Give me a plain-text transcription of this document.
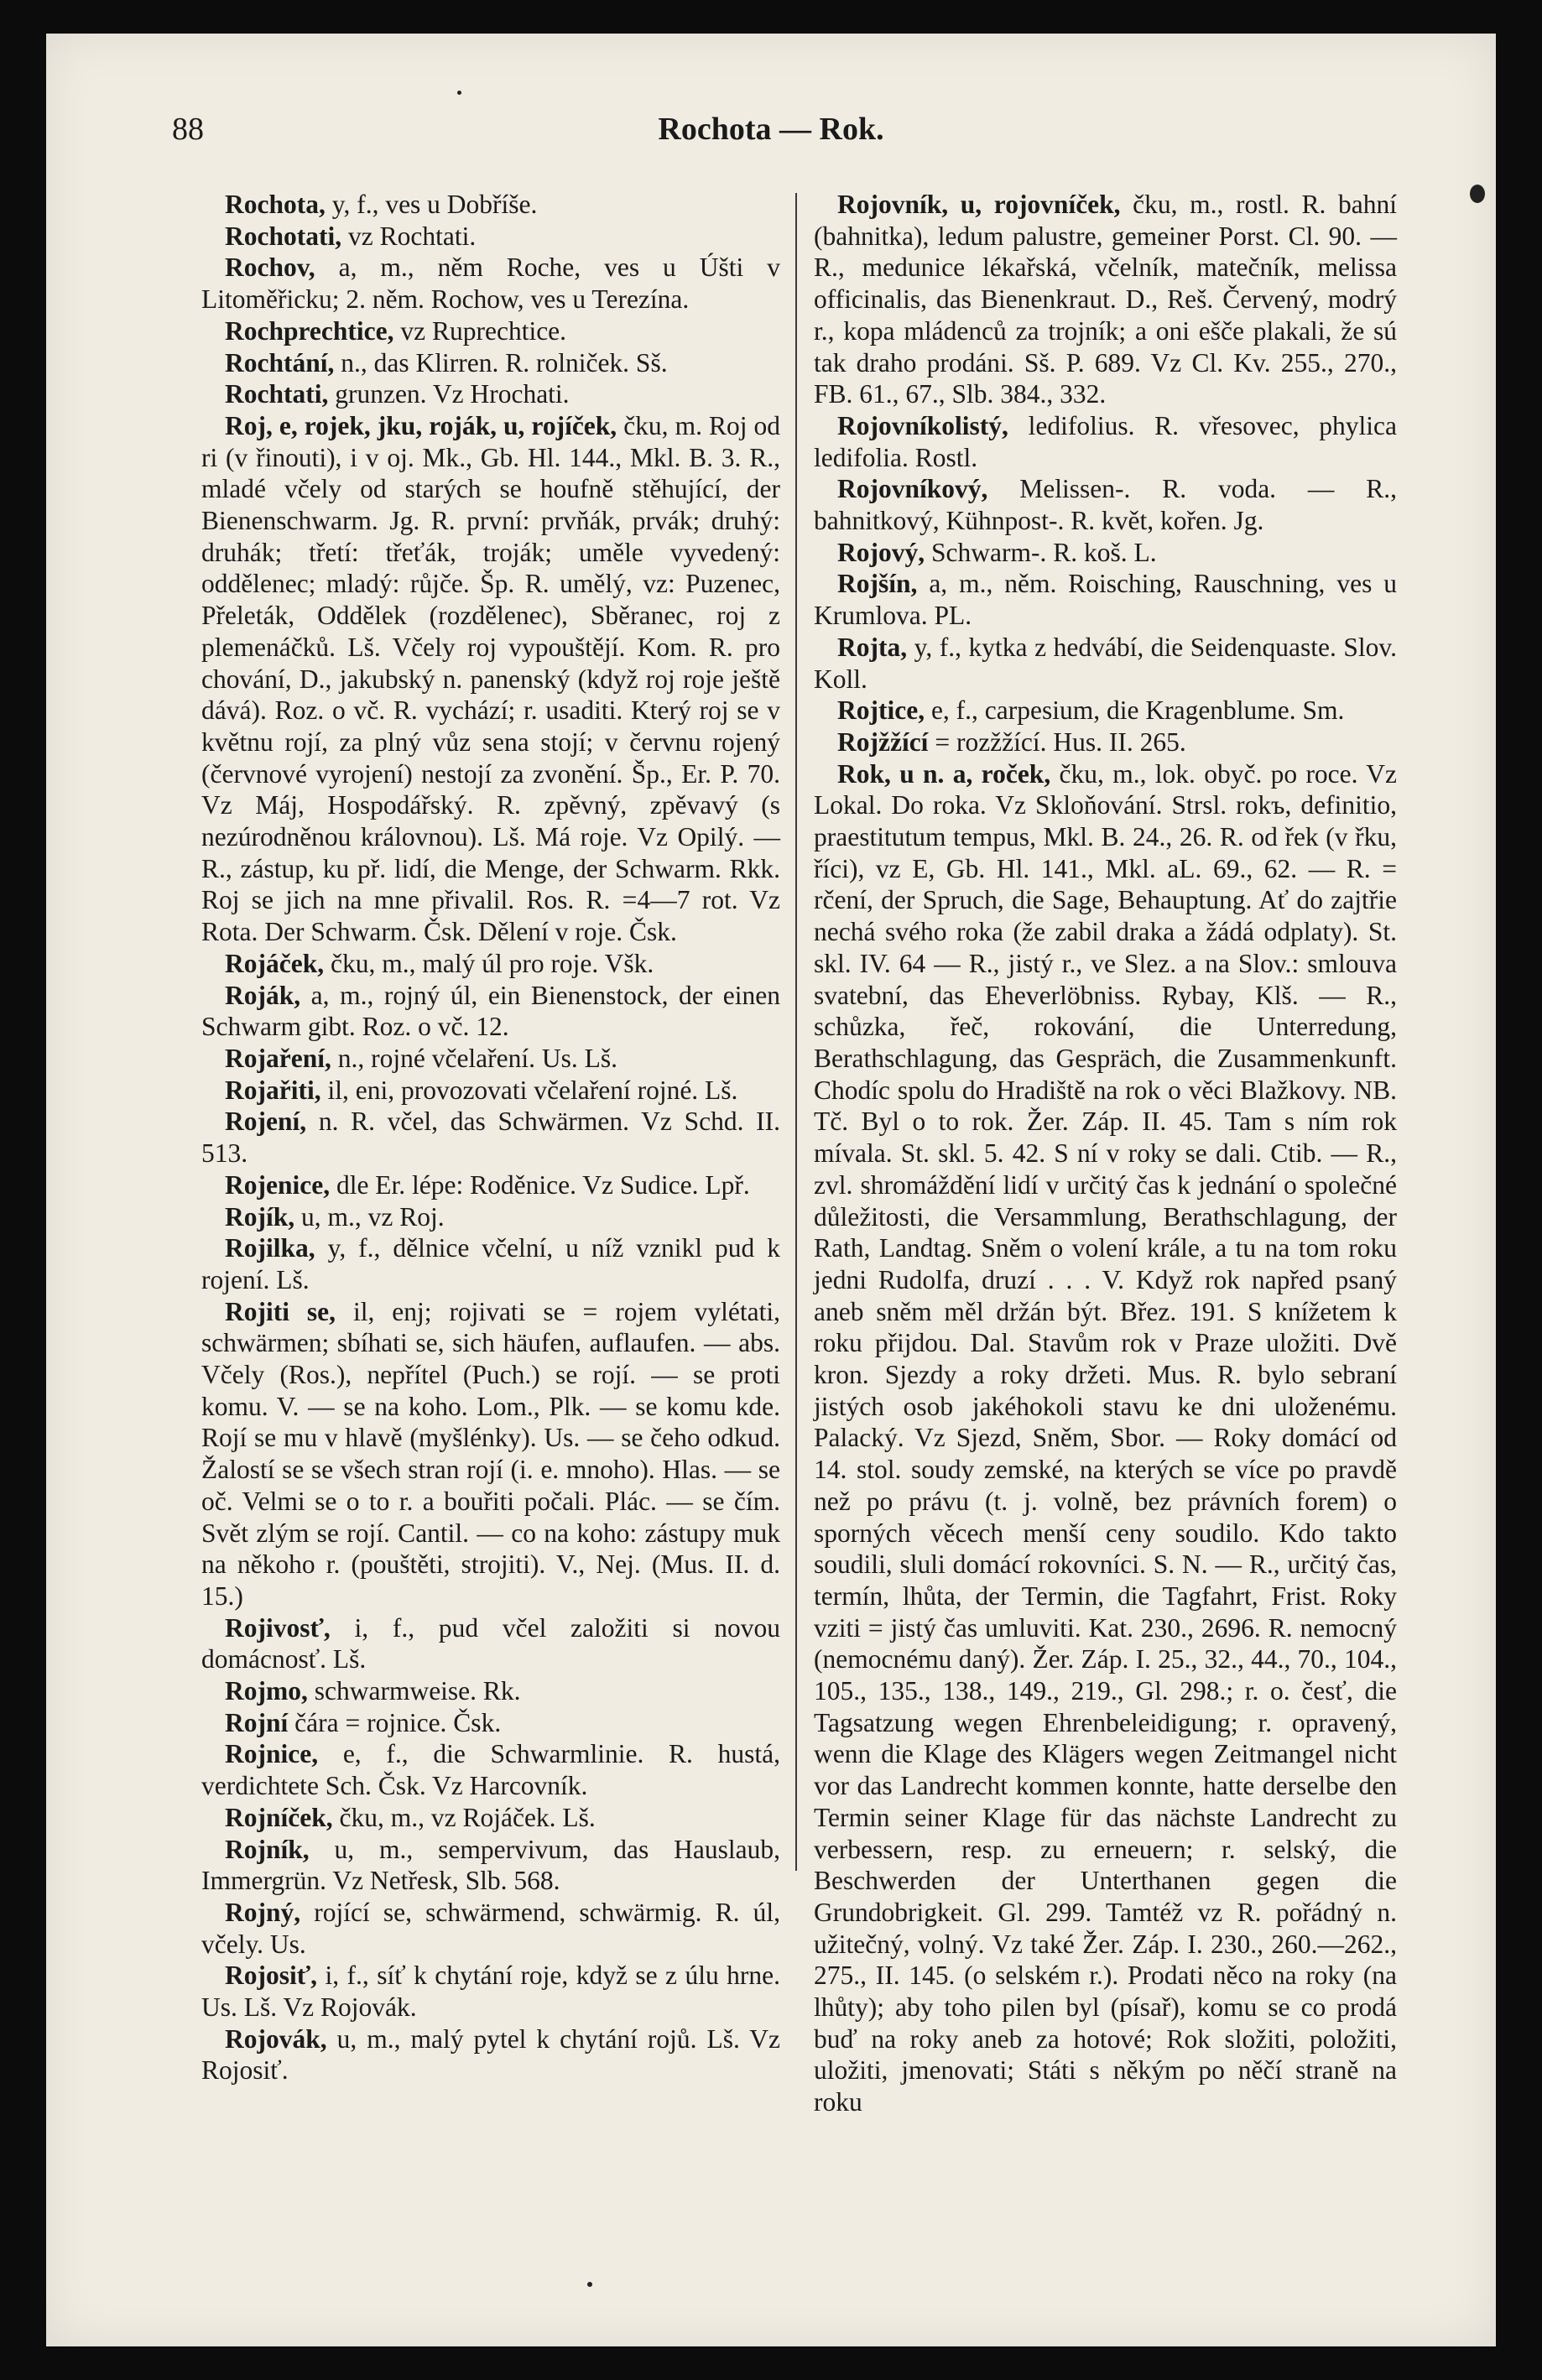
88	Rochota — Rok.

Rochota, y, f., ves u Dobříše.

Rochotati, vz Rochtati.

Rochov, a, m., něm Roche, ves u Úšti v Litoměřicku; 2. něm. Rochow, ves u Terezína.

Rochprechtice, vz Ruprechtice.

Rochtání, n., das Klirren. R. rolniček. Sš.

Rochtati, grunzen. Vz Hrochati.

Roj, e, rojek, jku, roják, u, rojíček, čku, m. Roj od ri (v řinouti), i v oj. Mk., Gb. Hl. 144., Mkl. B. 3. R., mladé včely od starých se houfně stěhující, der Bienenschwarm. Jg. R. první: prvňák, prvák; druhý: druhák; třetí: třeťák, troják; uměle vyvedený: oddělenec; mladý: růjče. Šp. R. umělý, vz: Puzenec, Přeleták, Oddělek (rozdělenec), Sběranec, roj z plemenáčků. Lš. Včely roj vypouštějí. Kom. R. pro chování, D., jakubský n. panenský (když roj roje ještě dává). Roz. o vč. R. vychází; r. usaditi. Který roj se v květnu rojí, za plný vůz sena stojí; v červnu rojený (červnové vyrojení) nestojí za zvonění. Šp., Er. P. 70. Vz Máj, Hospodářský. R. zpěvný, zpěvavý (s nezúrodněnou královnou). Lš. Má roje. Vz Opilý. — R., zástup, ku př. lidí, die Menge, der Schwarm. Rkk. Roj se jich na mne přivalil. Ros. R. =4—7 rot. Vz Rota. Der Schwarm. Čsk. Dělení v roje. Čsk.

Rojáček, čku, m., malý úl pro roje. Všk.

Roják, a, m., rojný úl, ein Bienenstock, der einen Schwarm gibt. Roz. o vč. 12.

Rojaření, n., rojné včelaření. Us. Lš.

Rojařiti, il, eni, provozovati včelaření rojné. Lš.

Rojení, n. R. včel, das Schwärmen. Vz Schd. II. 513.

Rojenice, dle Er. lépe: Roděnice. Vz Sudice. Lpř.

Rojík, u, m., vz Roj.

Rojilka, y, f., dělnice včelní, u níž vznikl pud k rojení. Lš.

Rojiti se, il, enj; rojivati se = rojem vylétati, schwärmen; sbíhati se, sich häufen, auflaufen. — abs. Včely (Ros.), nepřítel (Puch.) se rojí. — se proti komu. V. — se na koho. Lom., Plk. — se komu kde. Rojí se mu v hlavě (myšlénky). Us. — se čeho odkud. Žalostí se se všech stran rojí (i. e. mnoho). Hlas. — se oč. Velmi se o to r. a bouřiti počali. Plác. — se čím. Svět zlým se rojí. Cantil. — co na koho: zástupy muk na někoho r. (pouštěti, strojiti). V., Nej. (Mus. II. d. 15.)

Rojivosť, i, f., pud včel založiti si novou domácnosť. Lš.

Rojmo, schwarmweise. Rk.

Rojní čára = rojnice. Čsk.

Rojnice, e, f., die Schwarmlinie. R. hustá, verdichtete Sch. Čsk. Vz Harcovník.

Rojníček, čku, m., vz Rojáček. Lš.

Rojník, u, m., sempervivum, das Hauslaub, Immergrün. Vz Netřesk, Slb. 568.

Rojný, rojící se, schwärmend, schwärmig. R. úl, včely. Us.

Rojosiť, i, f., síť k chytání roje, když se z úlu hrne. Us. Lš. Vz Rojovák.

Rojovák, u, m., malý pytel k chytání rojů. Lš. Vz Rojosiť.

Rojovník, u, rojovníček, čku, m., rostl. R. bahní (bahnitka), ledum palustre, gemeiner Porst. Cl. 90. — R., medunice lékařská, včelník, matečník, melissa officinalis, das Bienenkraut. D., Reš. Červený, modrý r., kopa mládenců za trojník; a oni ešče plakali, že sú tak draho prodáni. Sš. P. 689. Vz Cl. Kv. 255., 270., FB. 61., 67., Slb. 384., 332.

Rojovníkolistý, ledifolius. R. vřesovec, phylica ledifolia. Rostl.

Rojovníkový, Melissen-. R. voda. — R., bahnitkový, Kühnpost-. R. květ, kořen. Jg.

Rojový, Schwarm-. R. koš. L.

Rojšín, a, m., něm. Roisching, Rauschning, ves u Krumlova. PL.

Rojta, y, f., kytka z hedvábí, die Seidenquaste. Slov. Koll.

Rojtice, e, f., carpesium, die Kragenblume. Sm.

Rojžžící = rozžžící. Hus. II. 265.

Rok, u n. a, roček, čku, m., lok. obyč. po roce. Vz Lokal. Do roka. Vz Skloňování. Strsl. rokъ, definitio, praestitutum tempus, Mkl. B. 24., 26. R. od řek (v řku, říci), vz E, Gb. Hl. 141., Mkl. aL. 69., 62. — R. = rčení, der Spruch, die Sage, Behauptung. Ať do zajtřie nechá svého roka (že zabil draka a žádá odplaty). St. skl. IV. 64 — R., jistý r., ve Slez. a na Slov.: smlouva svatební, das Eheverlöbniss. Rybay, Klš. — R., schůzka, řeč, rokování, die Unterredung, Berathschlagung, das Gespräch, die Zusammenkunft. Chodíc spolu do Hradiště na rok o věci Blažkovy. NB. Tč. Byl o to rok. Žer. Záp. II. 45. Tam s ním rok mívala. St. skl. 5. 42. S ní v roky se dali. Ctib. — R., zvl. shromáždění lidí v určitý čas k jednání o společné důležitosti, die Versammlung, Berathschlagung, der Rath, Landtag. Sněm o volení krále, a tu na tom roku jedni Rudolfa, druzí . . . V. Když rok napřed psaný aneb sněm měl držán být. Břez. 191. S knížetem k roku přijdou. Dal. Stavům rok v Praze uložiti. Dvě kron. Sjezdy a roky držeti. Mus. R. bylo sebraní jistých osob jakéhokoli stavu ke dni uloženému. Palacký. Vz Sjezd, Sněm, Sbor. — Roky domácí od 14. stol. soudy zemské, na kterých se více po pravdě než po právu (t. j. volně, bez právních forem) o sporných věcech menší ceny soudilo. Kdo takto soudili, sluli domácí rokovníci. S. N. — R., určitý čas, termín, lhůta, der Termin, die Tagfahrt, Frist. Roky vziti = jistý čas umluviti. Kat. 230., 2696. R. nemocný (nemocnému daný). Žer. Záp. I. 25., 32., 44., 70., 104., 105., 135., 138., 149., 219., Gl. 298.; r. o. česť, die Tagsatzung wegen Ehrenbeleidigung; r. opravený, wenn die Klage des Klägers wegen Zeitmangel nicht vor das Landrecht kommen konnte, hatte derselbe den Termin seiner Klage für das nächste Landrecht zu verbessern, resp. zu erneuern; r. selský, die Beschwerden der Unterthanen gegen die Grundobrigkeit. Gl. 299. Tamtéž vz R. pořádný n. užitečný, volný. Vz také Žer. Záp. I. 230., 260.—262., 275., II. 145. (o selském r.). Prodati něco na roky (na lhůty); aby toho pilen byl (písař), komu se co prodá buď na roky aneb za hotové; Rok složiti, položiti, uložiti, jmenovati; Státi s někým po něčí straně na roku
